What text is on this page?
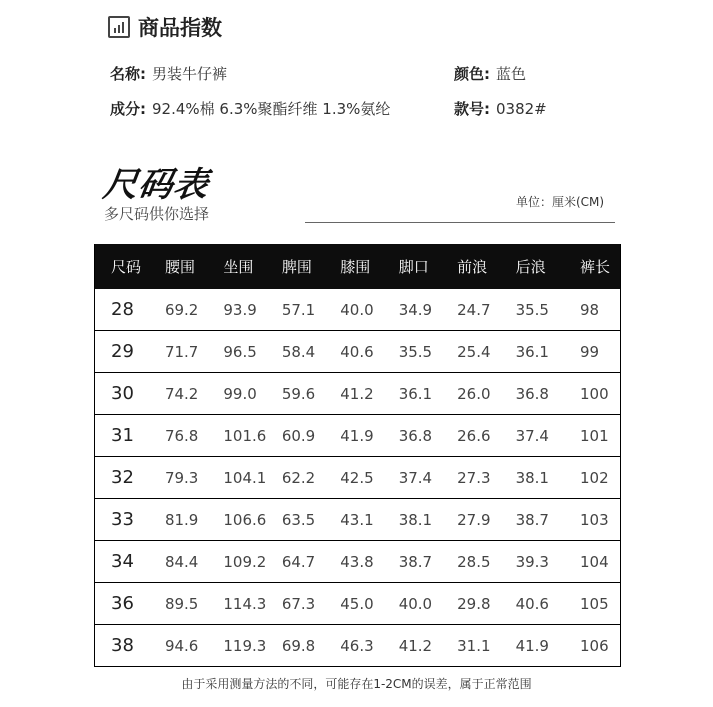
商品指数
名称: 男装牛仔裤	颜色: 蓝色
成分: 92.4%棉 6.3%聚酯纤维 1.3%氨纶	款号: 0382#
尺码表
多尺码供你选择
单位：厘米(CM)
尺码	腰围	坐围	脾围	膝围	脚口	前浪	后浪	裤长
28	69.2	93.9	57.1	40.0	34.9	24.7	35.5	98
29	71.7	96.5	58.4	40.6	35.5	25.4	36.1	99
30	74.2	99.0	59.6	41.2	36.1	26.0	36.8	100
31	76.8	101.6	60.9	41.9	36.8	26.6	37.4	101
32	79.3	104.1	62.2	42.5	37.4	27.3	38.1	102
33	81.9	106.6	63.5	43.1	38.1	27.9	38.7	103
34	84.4	109.2	64.7	43.8	38.7	28.5	39.3	104
36	89.5	114.3	67.3	45.0	40.0	29.8	40.6	105
38	94.6	119.3	69.8	46.3	41.2	31.1	41.9	106
由于采用测量方法的不同，可能存在1-2CM的误差，属于正常范围
